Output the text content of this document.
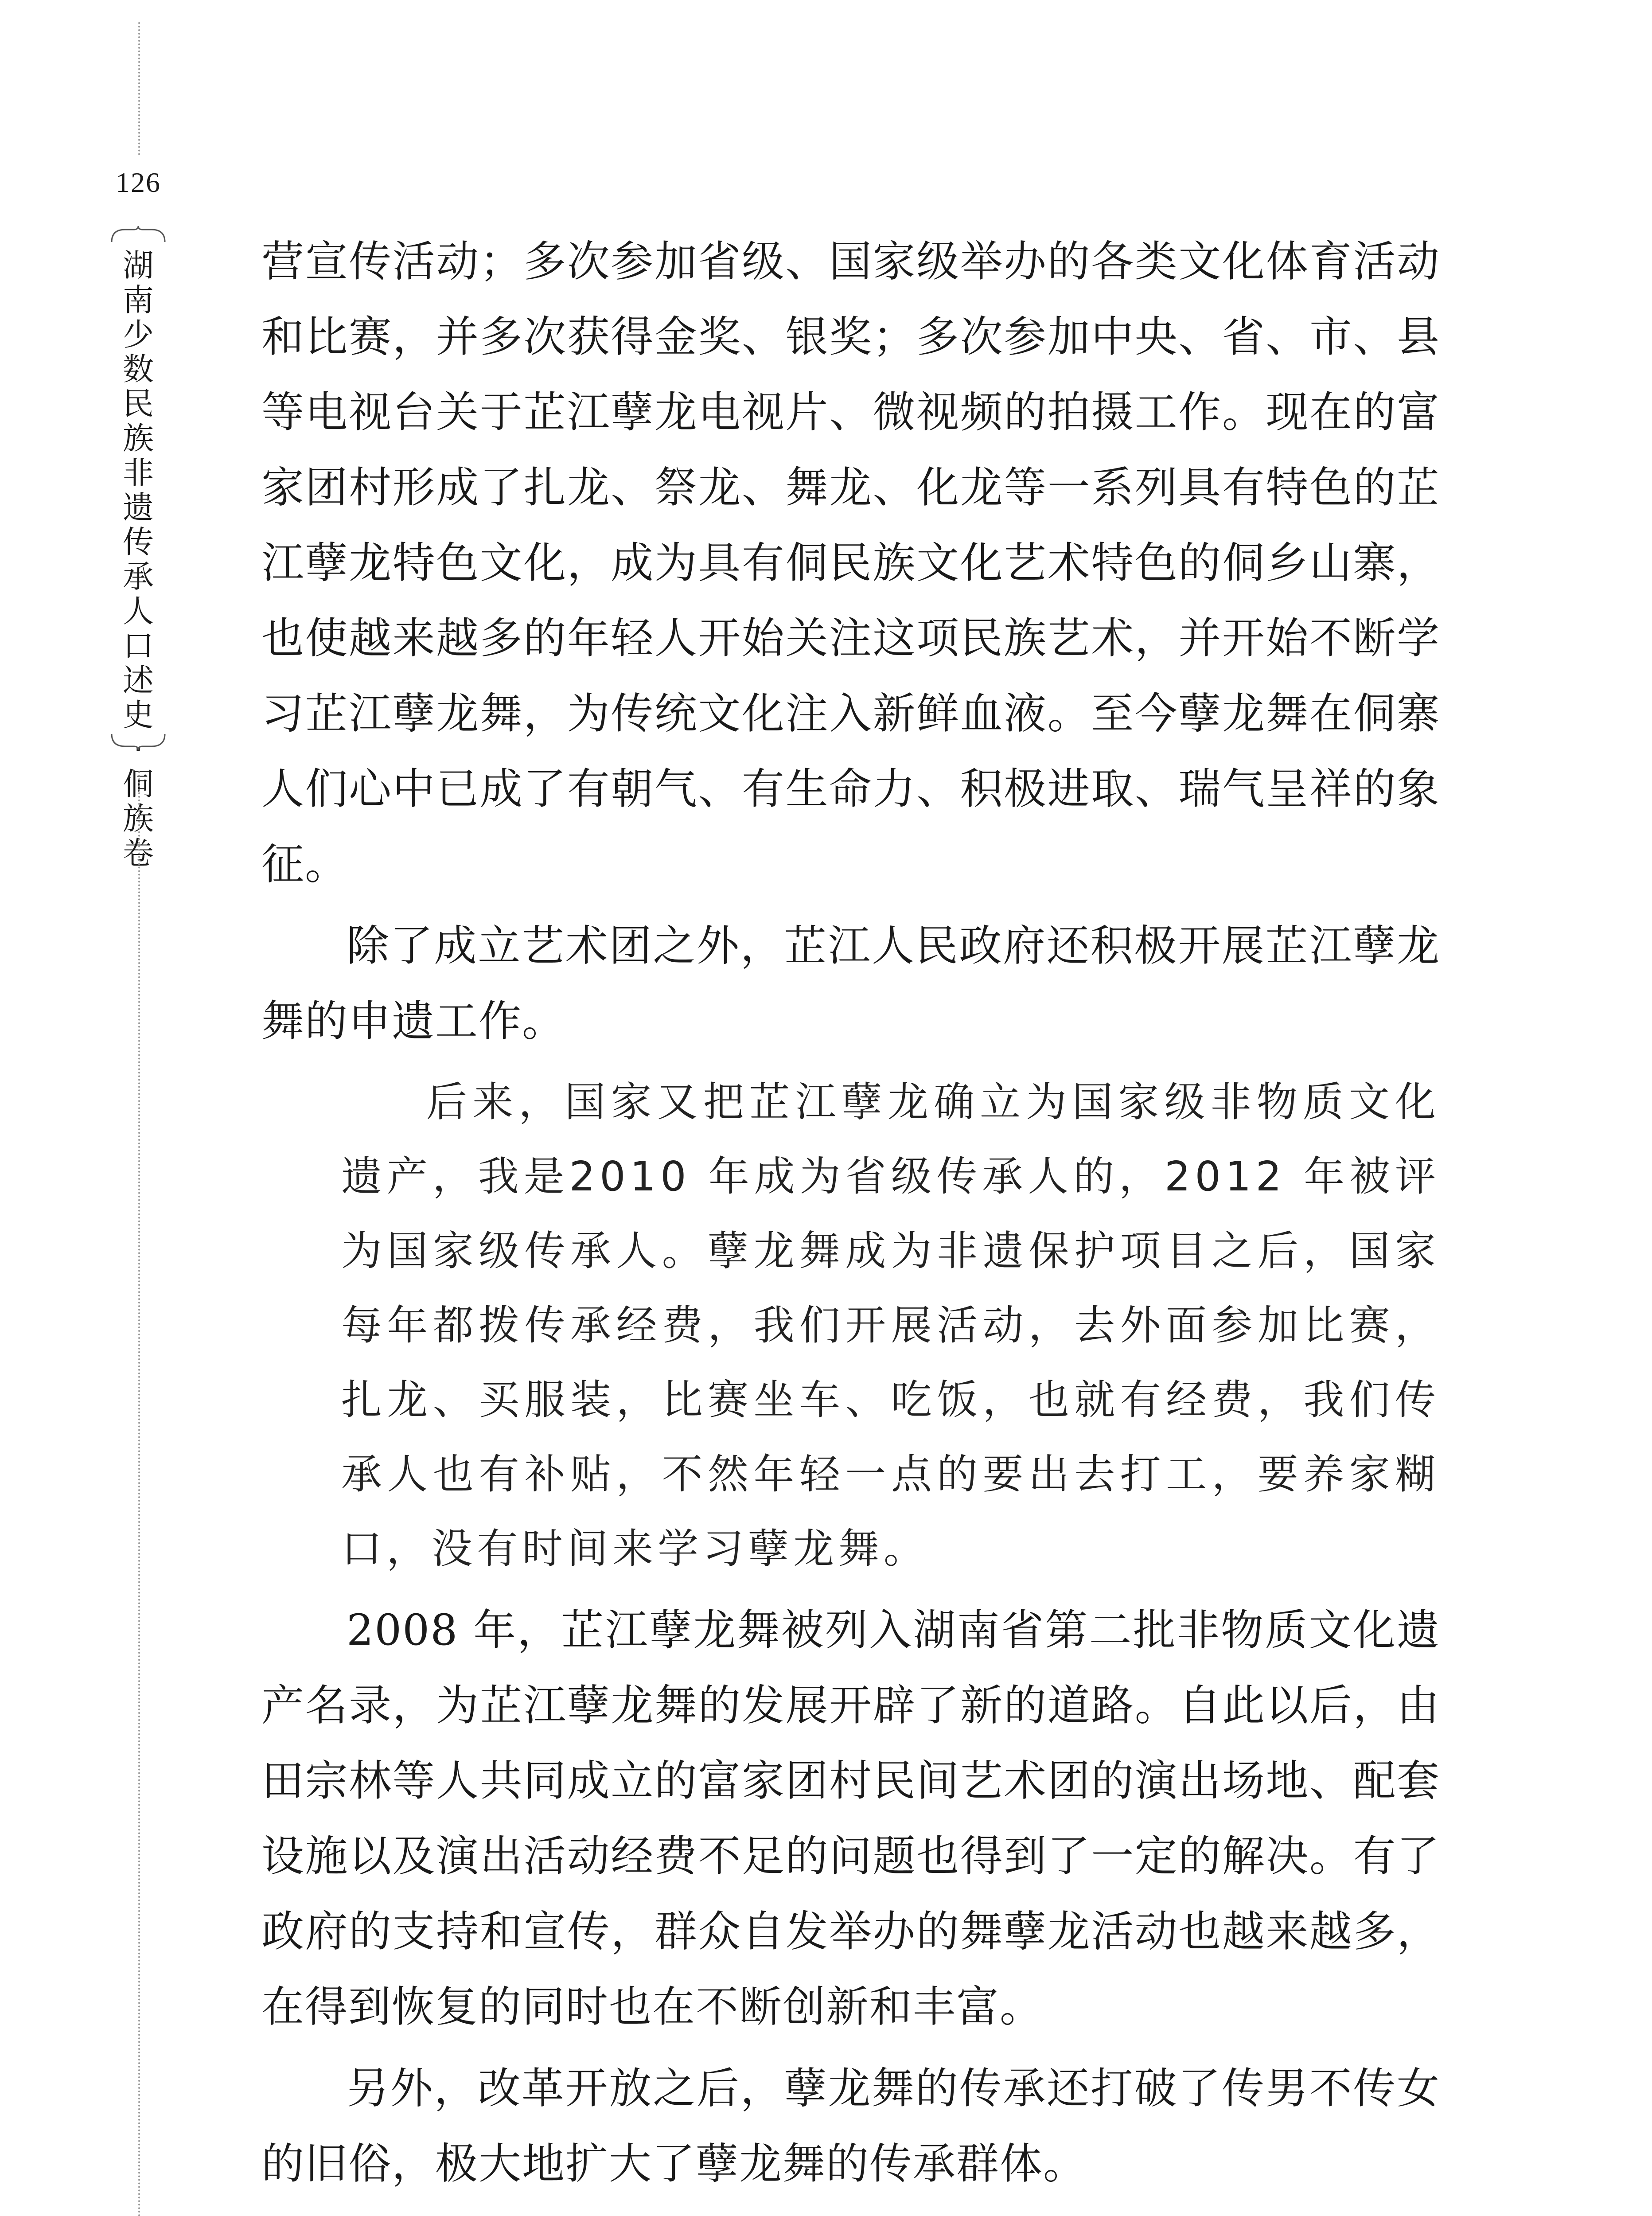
126
湖南少数民族非遗传承人口述史·侗族卷

营宣传活动；多次参加省级、国家级举办的各类文化体育活动和比赛，并多次获得金奖、银奖；多次参加中央、省、市、县等电视台关于芷江孽龙电视片、微视频的拍摄工作。现在的富家团村形成了扎龙、祭龙、舞龙、化龙等一系列具有特色的芷江孽龙特色文化，成为具有侗民族文化艺术特色的侗乡山寨，也使越来越多的年轻人开始关注这项民族艺术，并开始不断学习芷江孽龙舞，为传统文化注入新鲜血液。至今孽龙舞在侗寨人们心中已成了有朝气、有生命力、积极进取、瑞气呈祥的象征。

除了成立艺术团之外，芷江人民政府还积极开展芷江孽龙舞的申遗工作。

后来，国家又把芷江孽龙确立为国家级非物质文化遗产，我是2010 年成为省级传承人的，2012 年被评为国家级传承人。孽龙舞成为非遗保护项目之后，国家每年都拨传承经费，我们开展活动，去外面参加比赛，扎龙、买服装，比赛坐车、吃饭，也就有经费，我们传承人也有补贴，不然年轻一点的要出去打工，要养家糊口，没有时间来学习孽龙舞。

2008 年，芷江孽龙舞被列入湖南省第二批非物质文化遗产名录，为芷江孽龙舞的发展开辟了新的道路。自此以后，由田宗林等人共同成立的富家团村民间艺术团的演出场地、配套设施以及演出活动经费不足的问题也得到了一定的解决。有了政府的支持和宣传，群众自发举办的舞孽龙活动也越来越多，在得到恢复的同时也在不断创新和丰富。

另外，改革开放之后，孽龙舞的传承还打破了传男不传女的旧俗，极大地扩大了孽龙舞的传承群体。
